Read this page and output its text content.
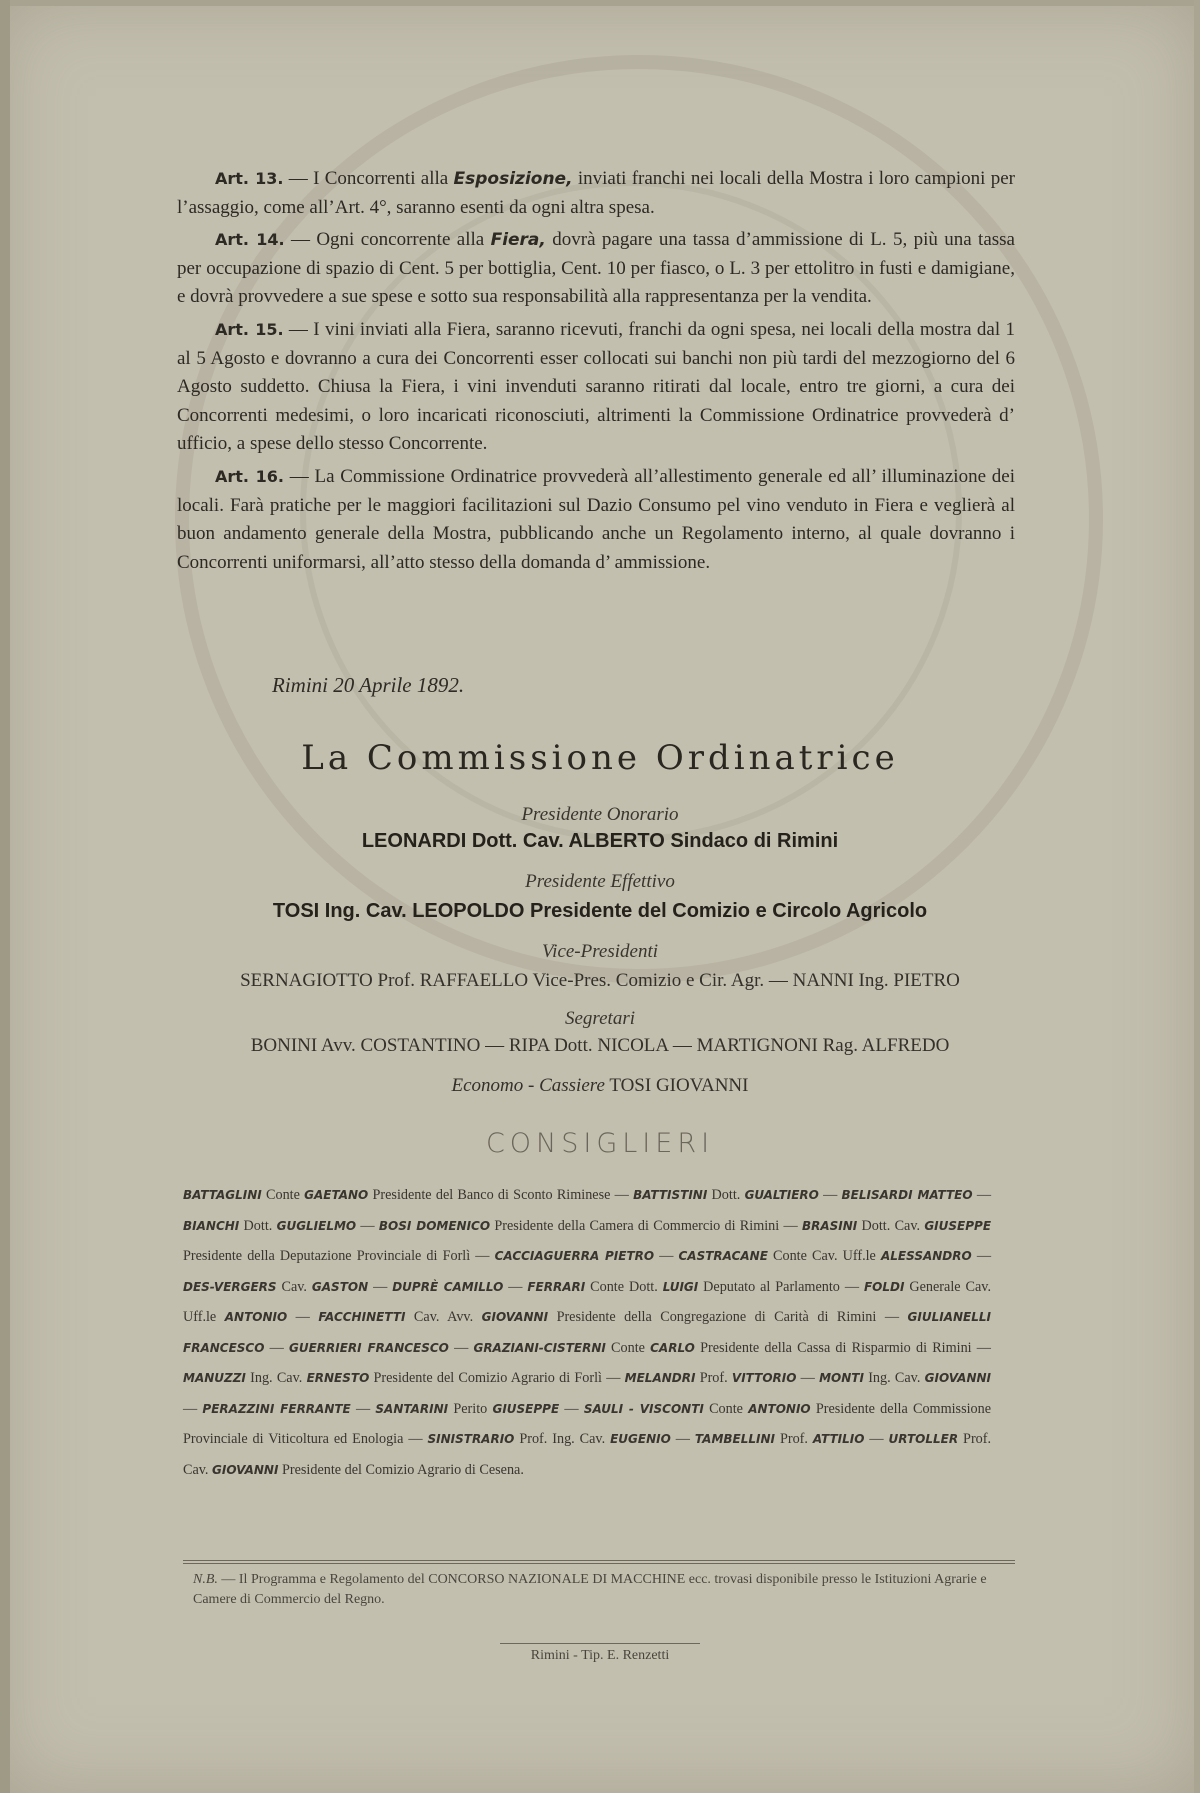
Art. 13. — I Concorrenti alla Esposizione, inviati franchi nei locali della Mostra i loro campioni per l’assaggio, come all’Art. 4°, saranno esenti da ogni altra spesa.

Art. 14. — Ogni concorrente alla Fiera, dovrà pagare una tassa d’ammissione di L. 5, più una tassa per occupazione di spazio di Cent. 5 per bottiglia, Cent. 10 per fiasco, o L. 3 per ettolitro in fusti e damigiane, e dovrà provvedere a sue spese e sotto sua responsabilità alla rappresentanza per la vendita.

Art. 15. — I vini inviati alla Fiera, saranno ricevuti, franchi da ogni spesa, nei locali della mostra dal 1 al 5 Agosto e dovranno a cura dei Concorrenti esser collocati sui banchi non più tardi del mezzogiorno del 6 Agosto suddetto. Chiusa la Fiera, i vini invenduti saranno ritirati dal locale, entro tre giorni, a cura dei Concorrenti medesimi, o loro incaricati riconosciuti, altrimenti la Commissione Ordinatrice provvederà d’ ufficio, a spese dello stesso Concorrente.

Art. 16. — La Commissione Ordinatrice provvederà all’allestimento generale ed all’ illuminazione dei locali. Farà pratiche per le maggiori facilitazioni sul Dazio Consumo pel vino venduto in Fiera e veglierà al buon andamento generale della Mostra, pubblicando anche un Regolamento interno, al quale dovranno i Concorrenti uniformarsi, all’atto stesso della domanda d’ ammissione.

Rimini 20 Aprile 1892.
La Commissione Ordinatrice
Presidente Onorario
LEONARDI Dott. Cav. ALBERTO Sindaco di Rimini
Presidente Effettivo
TOSI Ing. Cav. LEOPOLDO Presidente del Comizio e Circolo Agricolo
Vice-Presidenti
SERNAGIOTTO Prof. RAFFAELLO Vice-Pres. Comizio e Cir. Agr. — NANNI Ing. PIETRO
Segretari
BONINI Avv. COSTANTINO — RIPA Dott. NICOLA — MARTIGNONI Rag. ALFREDO
Economo - Cassiere TOSI GIOVANNI
CONSIGLIERI
BATTAGLINI Conte GAETANO Presidente del Banco di Sconto Riminese — BATTISTINI Dott. GUALTIERO — BELISARDI MATTEO — BIANCHI Dott. GUGLIELMO — BOSI DOMENICO Presidente della Camera di Commercio di Rimini — BRASINI Dott. Cav. GIUSEPPE Presidente della Deputazione Provinciale di Forlì — CACCIAGUERRA PIETRO — CASTRACANE Conte Cav. Uff.le ALESSANDRO — DES-VERGERS Cav. GASTON — DUPRÈ CAMILLO — FERRARI Conte Dott. LUIGI Deputato al Parlamento — FOLDI Generale Cav. Uff.le ANTONIO — FACCHINETTI Cav. Avv. GIOVANNI Presidente della Congregazione di Carità di Rimini — GIULIANELLI FRANCESCO — GUERRIERI FRANCESCO — GRAZIANI-CISTERNI Conte CARLO Presidente della Cassa di Risparmio di Rimini — MANUZZI Ing. Cav. ERNESTO Presidente del Comizio Agrario di Forlì — MELANDRI Prof. VITTORIO — MONTI Ing. Cav. GIOVANNI — PERAZZINI FERRANTE — SANTARINI Perito GIUSEPPE — SAULI - VISCONTI Conte ANTONIO Presidente della Commissione Provinciale di Viticoltura ed Enologia — SINISTRARIO Prof. Ing. Cav. EUGENIO — TAMBELLINI Prof. ATTILIO — URTOLLER Prof. Cav. GIOVANNI Presidente del Comizio Agrario di Cesena.
N.B. — Il Programma e Regolamento del CONCORSO NAZIONALE DI MACCHINE ecc. trovasi disponibile presso le Istituzioni Agrarie e Camere di Commercio del Regno.
Rimini - Tip. E. Renzetti
